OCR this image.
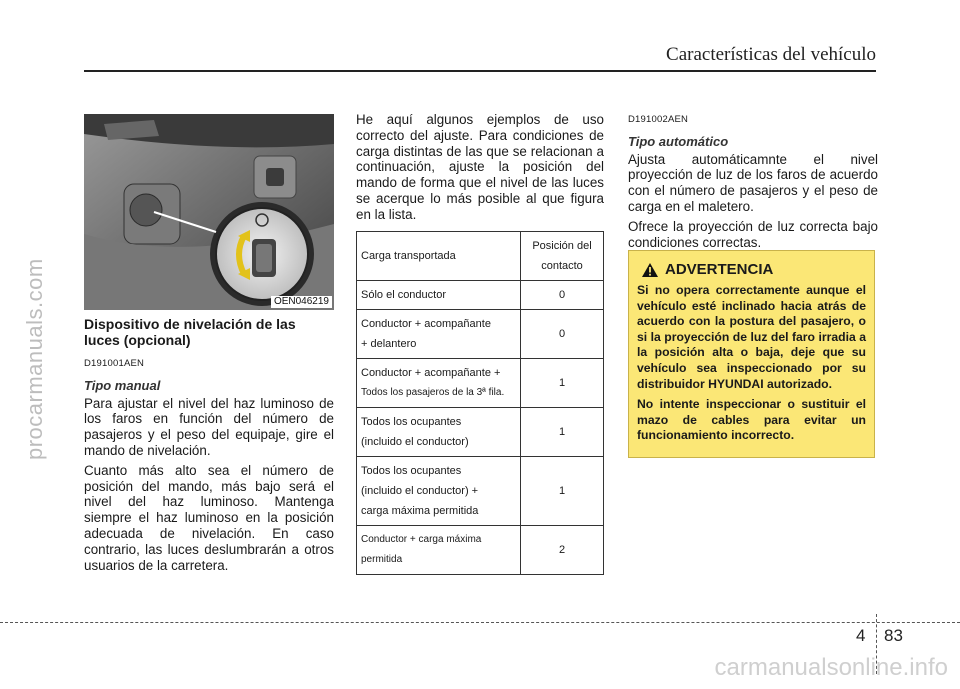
Características del vehículo
procarmanuals.com	OEN046219
Dispositivo de nivelación de las luces (opcional)
D191001AEN
Tipo manual

Para ajustar el nivel del haz luminoso de los faros en función del número de pasajeros y el peso del equipaje, gire el mando de nivelación.

Cuanto más alto sea el número de posición del mando, más bajo será el nivel del haz luminoso. Mantenga siempre el haz luminoso en la posición adecuada de nivelación. En caso contrario, las luces deslumbrarán a otros usuarios de la carretera.

He aquí algunos ejemplos de uso correcto del ajuste. Para condiciones de carga distintas de las que se relacionan a continuación, ajuste la posición del mando de forma que el nivel de las luces se acerque lo más posible al que figura en la lista.

Carga transportada	Posición del contacto

Sólo el conductor	0

Conductor + acompañante
+ delantero	0

Conductor + acompañante +
Todos los pasajeros de la 3ª fila.	1

Todos los ocupantes
(incluido el conductor)	1

Todos los ocupantes
(incluido el conductor) +
carga máxima permitida	1

Conductor + carga máxima
permitida	2
D191002AEN
Tipo automático

Ajusta automáticamnte el nivel proyección de luz de los faros de acuerdo con el número de pasajeros y el peso de carga en el maletero.

Ofrece la proyección de luz correcta bajo condiciones correctas.

ADVERTENCIA

Si no opera correctamente aunque el vehículo esté inclinado hacia atrás de acuerdo con la postura del pasajero, o si la proyección de luz del faro irradia a la posición alta o baja, deje que su vehículo sea inspeccionado por su distribuidor HYUNDAI autorizado.

No intente inspeccionar o sustituir el mazo de cables para evitar un funcionamiento incorrecto.

4 83
carmanualsonline.info
